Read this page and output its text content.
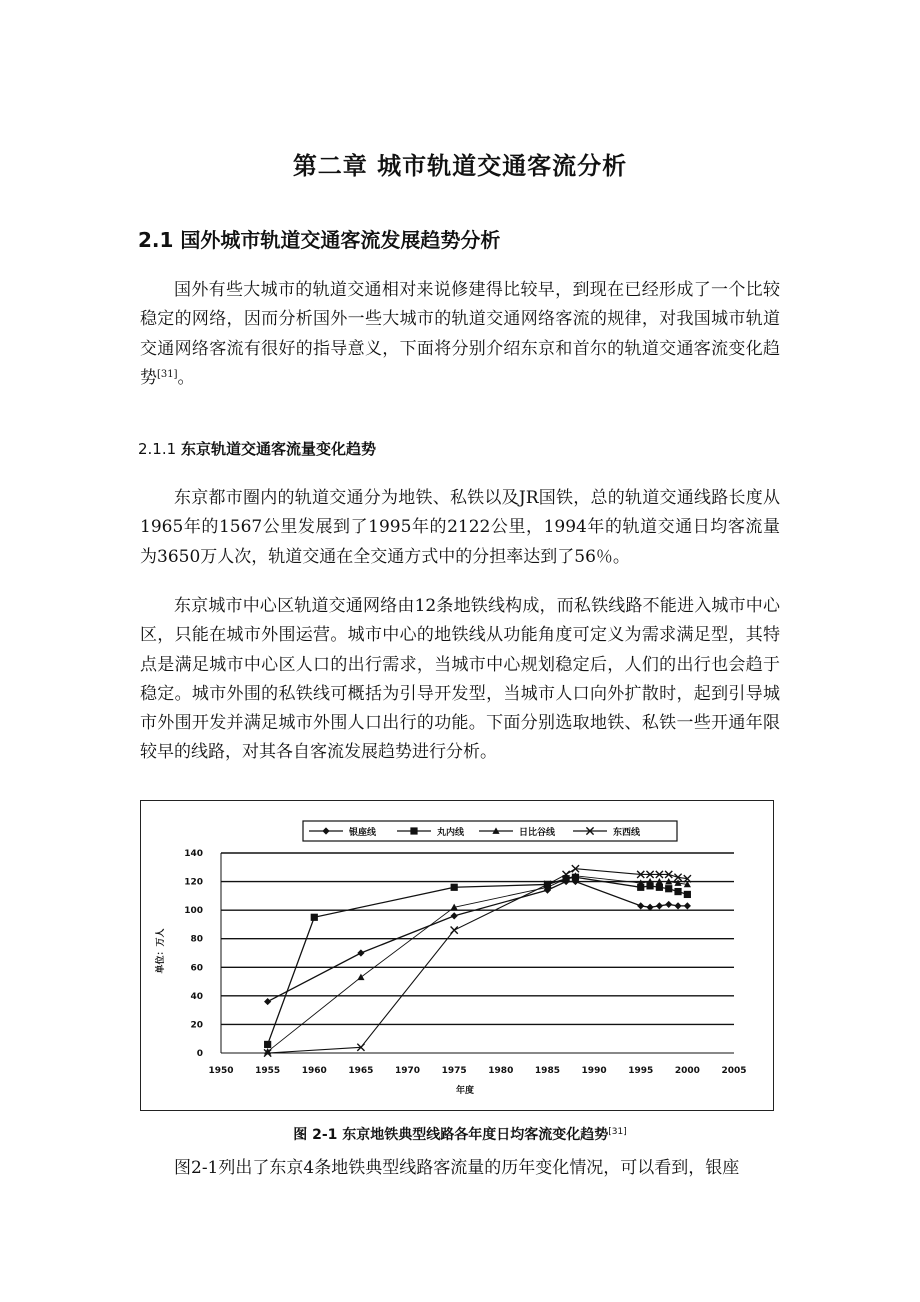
第二章 城市轨道交通客流分析
2.1 国外城市轨道交通客流发展趋势分析

国外有些大城市的轨道交通相对来说修建得比较早，到现在已经形成了一个比较稳定的网络，因而分析国外一些大城市的轨道交通网络客流的规律，对我国城市轨道交通网络客流有很好的指导意义，下面将分别介绍东京和首尔的轨道交通客流变化趋势[31]。

2.1.1 东京轨道交通客流量变化趋势

东京都市圈内的轨道交通分为地铁、私铁以及JR国铁，总的轨道交通线路长度从1965年的1567公里发展到了1995年的2122公里，1994年的轨道交通日均客流量为3650万人次，轨道交通在全交通方式中的分担率达到了56％。

东京城市中心区轨道交通网络由12条地铁线构成，而私铁线路不能进入城市中心区，只能在城市外围运营。城市中心的地铁线从功能角度可定义为需求满足型，其特点是满足城市中心区人口的出行需求，当城市中心规划稳定后，人们的出行也会趋于稳定。城市外围的私铁线可概括为引导开发型，当城市人口向外扩散时，起到引导城市外围开发并满足城市外围人口出行的功能。下面分别选取地铁、私铁一些开通年限较早的线路，对其各自客流发展趋势进行分析。

0
20
40
60
80
100
120
140
1950 1955 1960 1965 1970 1975 1980 1985 1990 1995 2000 2005
年度
单位：万人
银座线	丸内线	日比谷线	东西线
图 2-1 东京地铁典型线路各年度日均客流变化趋势[31]

图2-1列出了东京4条地铁典型线路客流量的历年变化情况，可以看到，银座
